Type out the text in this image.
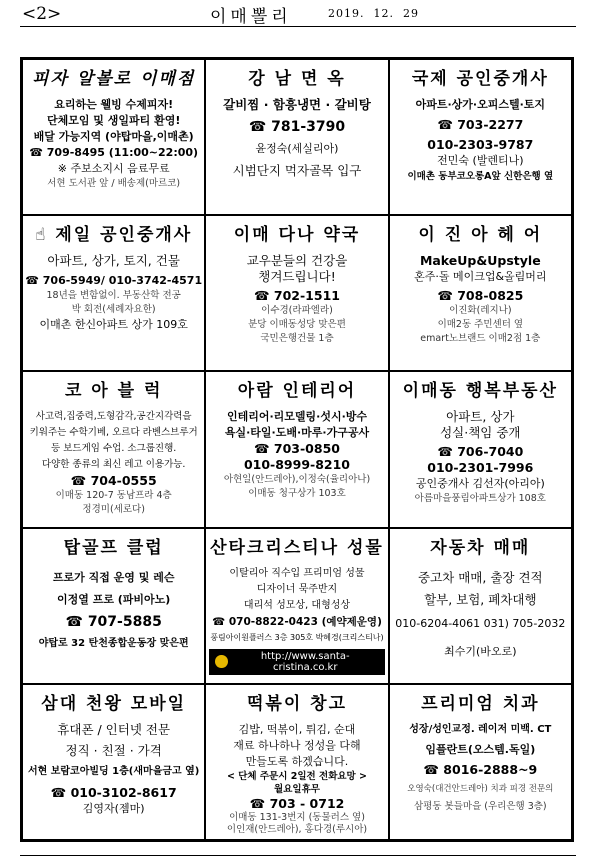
<2>	이매뽈리	2019.  12.  29
피자 알볼로 이매점
요리하는 웰빙 수제피자!
단체모임 및 생일파티 환영!
배달 가능지역 (야탑마을,이매촌)
☎ 709-8495 (11:00~22:00)
※ 주보소지시 음료무료
서현 도서관 앞 / 배송제(마르코)
강 남 면 옥
갈비찜 · 함흥냉면 · 갈비탕
☎ 781-3790
윤정숙(세실리아)
시범단지 먹자골목 입구
국제 공인중개사
아파트·상가·오피스텔·토지
☎ 703-2277
010-2303-9787
전민숙 (발렌티나)
이매촌 동부코오롱A앞 신한은행 옆
☝ 제일 공인중개사
아파트, 상가, 토지, 건물
☎ 706-5949/ 010-3742-4571
18년을 변함없이. 부동산학 전공
박 회전(세례자요한)
이매촌 한신아파트 상가 109호
이매 다나 약국
교우분들의 건강을
챙겨드립니다!
☎ 702-1511
이수경(라파엘라)
분당 이매동성당 맞은편
국민은행건물 1층
이 진 아 헤 어
MakeUp&Upstyle
혼주·돌 메이크업&올림머리
☎ 708-0825
이진화(레지나)
이매2동 주민센터 옆
emart노브랜드 이매2점 1층
코 아 블 럭
사고력,집중력,도형감각,공간지각력을
키워주는 수학기베, 오르다 라벤스브루거
등 보드게임 수업. 소그룹진행.
다양한 종류의 최신 레고 이용가능.
☎ 704-0555
이매동 120-7 동남프라 4층
정경미(세로다)
아람 인테리어
인테리어·리모델링·섯시·방수
욕실·타일·도배·마루·가구공사
☎ 703-0850
010-8999-8210
아현일(안드레아),이정숙(율리아나)
이매동 청구상가 103호
이매동 행복부동산
아파트, 상가
성실·책임 중개
☎ 706-7040
010-2301-7996
공인중개사 김선자(아리아)
아름마을풍림아파트상가 108호
탑골프 클럽
프로가 직접 운영 및 레슨
이정열 프로 (파비아노)
☎ 707-5885
야탑로 32 탄천종합운동장 맞은편
산타크리스티나 성물
이탈리아 직수입 프리미엄 성물
디자이너 묵주반지
대리석 성모상, 대형성상
☎ 070-8822-0423 (예약제운영)
풍림아이원플러스 3층 305호 박혜경(크리스티나)
http://www.santa-cristina.co.kr
자동차 매매
중고차 매매, 출장 견적
할부, 보험, 폐차대행
010-6204-4061 031) 705-2032
최수기(바오로)
삼대 천왕 모바일
휴대폰 / 인터넷 전문
정직 · 친절 · 가격
서현 보람코아빌딩 1층(새마을금고 옆)
☎ 010-3102-8617
김영자(젬마)
떡볶이 창고
김밥, 떡볶이, 튀김, 순대
재료 하나하나 정성을 다해
만들도록 하겠습니다.
< 단체 주문시 2일전 전화요망 >
월요일휴무
☎ 703 - 0712
이매동 131-3번지 (동물러스 옆)
이인재(안드레아), 홍다경(루시아)
프리미엄 치과
성장/성인교정. 레이저 미백. CT
임플란트(오스템.독일)
☎ 8016-2888~9
오영숙(대건안드레아) 치과 피경 전문의
삼평동 봇들마을 (우리은행 3층)
